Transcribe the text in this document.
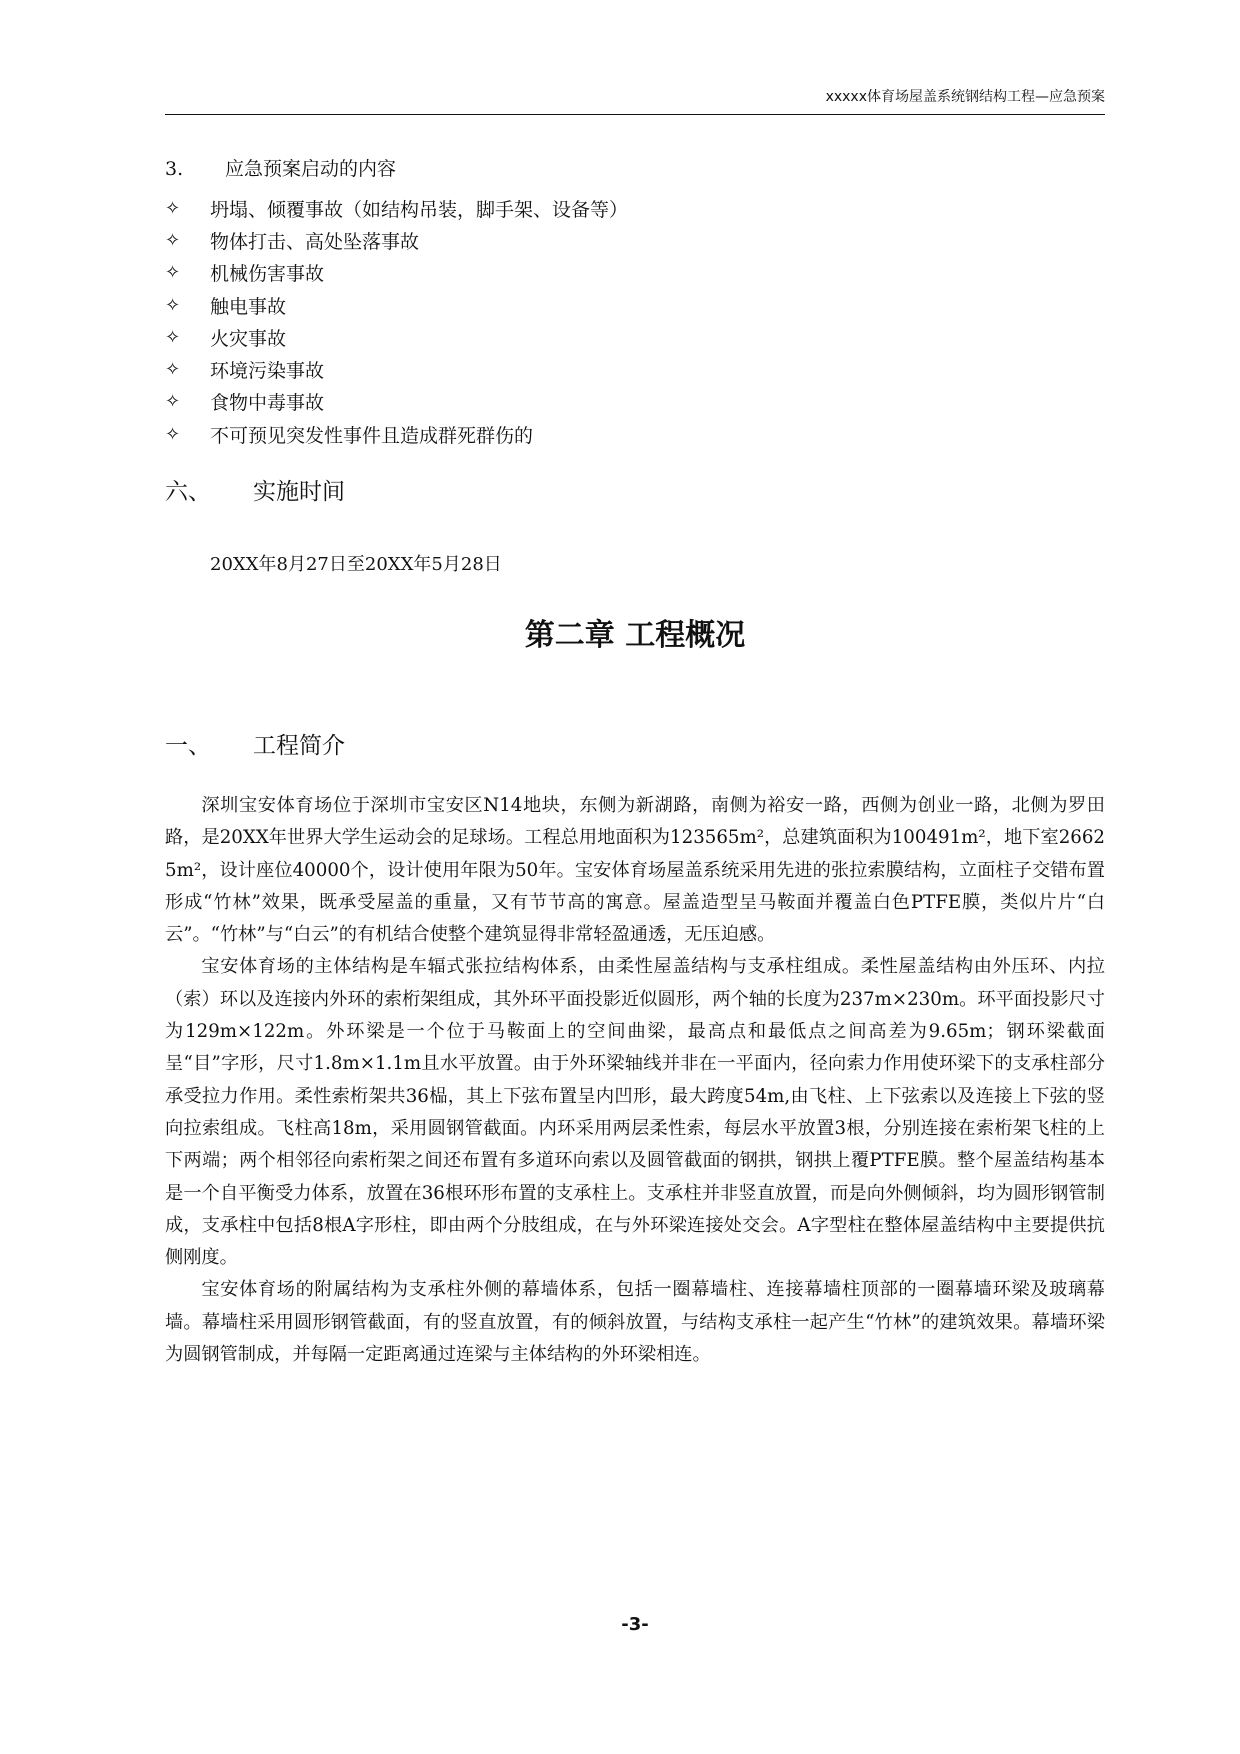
xxxxx体育场屋盖系统钢结构工程—应急预案
3. 应急预案启动的内容
✧	坍塌、倾覆事故（如结构吊装，脚手架、设备等）
✧	物体打击、高处坠落事故
✧	机械伤害事故
✧	触电事故
✧	火灾事故
✧	环境污染事故
✧	食物中毒事故
✧	不可预见突发性事件且造成群死群伤的
六、 实施时间
20XX年8月27日至20XX年5月28日
第二章 工程概况
一、 工程简介

深圳宝安体育场位于深圳市宝安区N14地块，东侧为新湖路，南侧为裕安一路，西侧为创业一路，北侧为罗田路，是20XX年世界大学生运动会的足球场。工程总用地面积为123565m²，总建筑面积为100491m²，地下室26625m²，设计座位40000个，设计使用年限为50年。宝安体育场屋盖系统采用先进的张拉索膜结构，立面柱子交错布置形成“竹林”效果，既承受屋盖的重量，又有节节高的寓意。屋盖造型呈马鞍面并覆盖白色PTFE膜，类似片片“白云”。“竹林”与“白云”的有机结合使整个建筑显得非常轻盈通透，无压迫感。

宝安体育场的主体结构是车辐式张拉结构体系，由柔性屋盖结构与支承柱组成。柔性屋盖结构由外压环、内拉（索）环以及连接内外环的索桁架组成，其外环平面投影近似圆形，两个轴的长度为237m×230m。环平面投影尺寸为129m×122m。外环梁是一个位于马鞍面上的空间曲梁，最高点和最低点之间高差为9.65m；钢环梁截面呈“目”字形，尺寸1.8m×1.1m且水平放置。由于外环梁轴线并非在一平面内，径向索力作用使环梁下的支承柱部分承受拉力作用。柔性索桁架共36榀，其上下弦布置呈内凹形，最大跨度54m,由飞柱、上下弦索以及连接上下弦的竖向拉索组成。飞柱高18m，采用圆钢管截面。内环采用两层柔性索，每层水平放置3根，分别连接在索桁架飞柱的上下两端；两个相邻径向索桁架之间还布置有多道环向索以及圆管截面的钢拱，钢拱上覆PTFE膜。整个屋盖结构基本是一个自平衡受力体系，放置在36根环形布置的支承柱上。支承柱并非竖直放置，而是向外侧倾斜，均为圆形钢管制成，支承柱中包括8根A字形柱，即由两个分肢组成，在与外环梁连接处交会。A字型柱在整体屋盖结构中主要提供抗侧刚度。

宝安体育场的附属结构为支承柱外侧的幕墙体系，包括一圈幕墙柱、连接幕墙柱顶部的一圈幕墙环梁及玻璃幕墙。幕墙柱采用圆形钢管截面，有的竖直放置，有的倾斜放置，与结构支承柱一起产生“竹林”的建筑效果。幕墙环梁为圆钢管制成，并每隔一定距离通过连梁与主体结构的外环梁相连。

-3-
